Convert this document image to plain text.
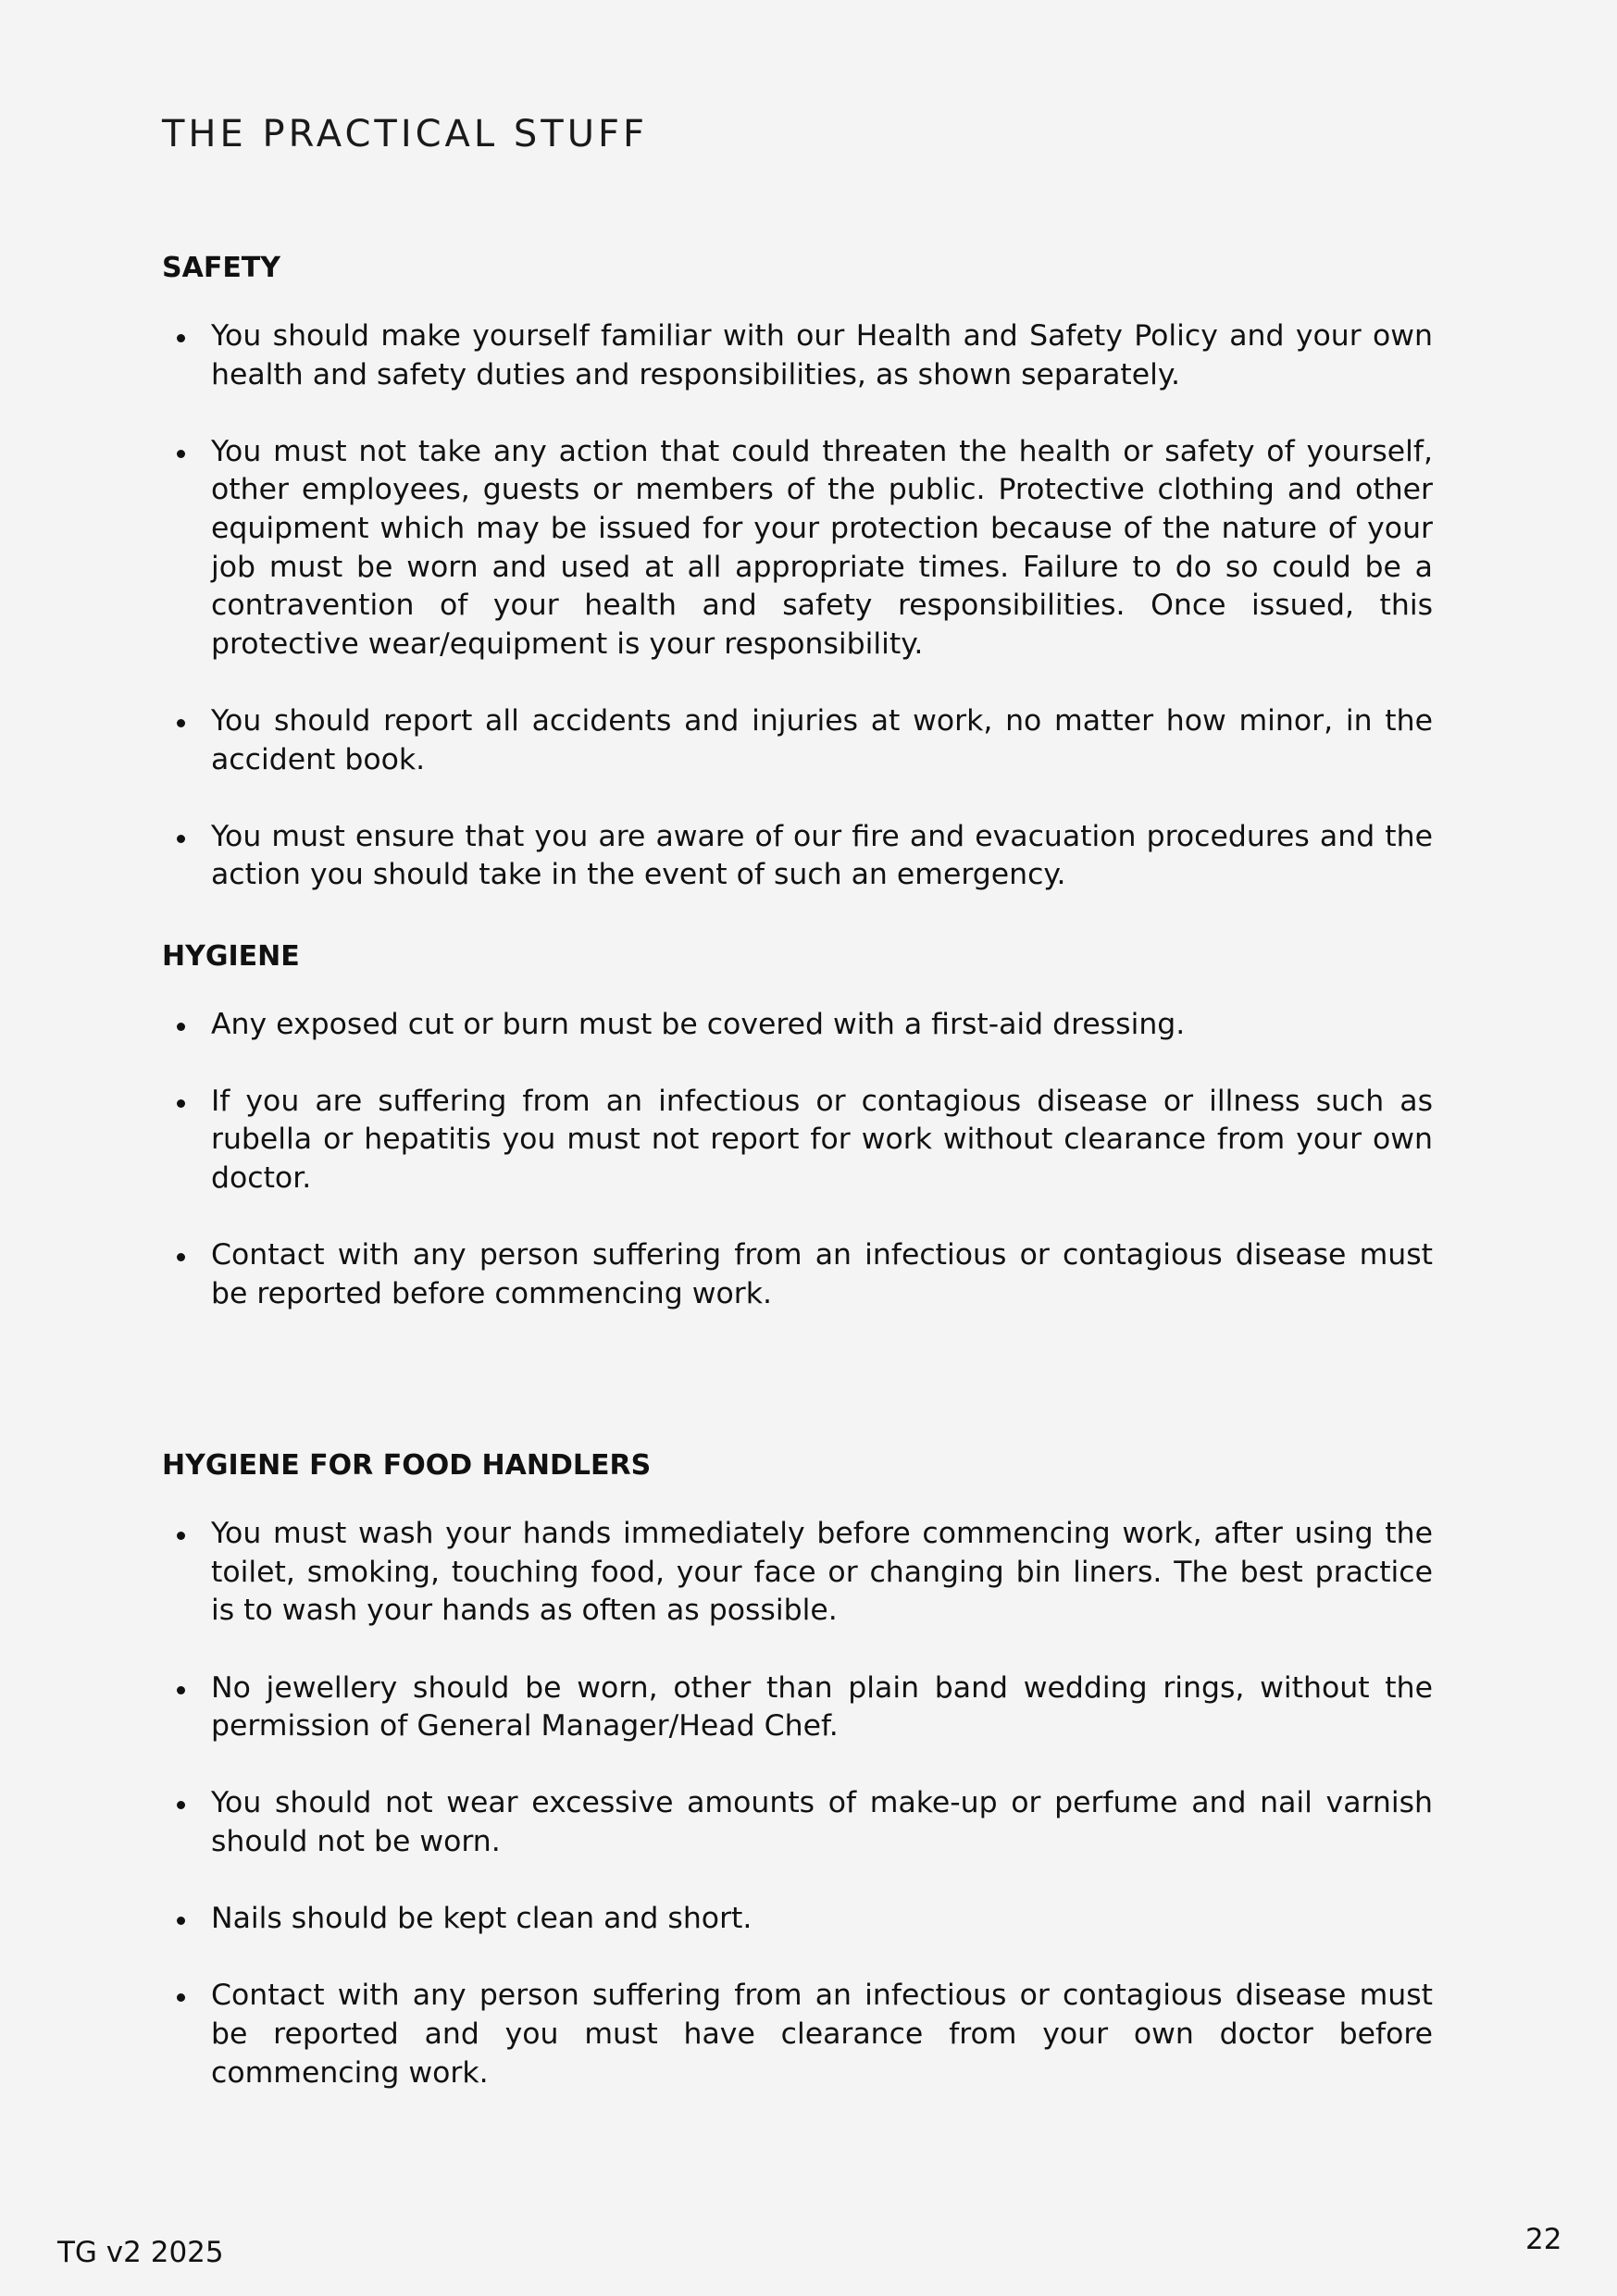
THE PRACTICAL STUFF
SAFETY
You should make yourself familiar with our Health and Safety Policy and your own health and safety duties and responsibilities, as shown separately.
You must not take any action that could threaten the health or safety of yourself, other employees, guests or members of the public. Protective clothing and other equipment which may be issued for your protection because of the nature of your job must be worn and used at all appropriate times. Failure to do so could be a contravention of your health and safety responsibilities. Once issued, this protective wear/equipment is your responsibility.
You should report all accidents and injuries at work, no matter how minor, in the accident book.
You must ensure that you are aware of our fire and evacuation procedures and the action you should take in the event of such an emergency.
HYGIENE
Any exposed cut or burn must be covered with a first-aid dressing.
If you are suffering from an infectious or contagious disease or illness such as rubella or hepatitis you must not report for work without clearance from your own doctor.
Contact with any person suffering from an infectious or contagious disease must be reported before commencing work.
HYGIENE FOR FOOD HANDLERS
You must wash your hands immediately before commencing work, after using the toilet, smoking, touching food, your face or changing bin liners. The best practice is to wash your hands as often as possible.
No jewellery should be worn, other than plain band wedding rings, without the permission of General Manager/Head Chef.
You should not wear excessive amounts of make-up or perfume and nail varnish should not be worn.
Nails should be kept clean and short.
Contact with any person suffering from an infectious or contagious disease must be reported and you must have clearance from your own doctor before commencing work.
TG v2 2025	22
